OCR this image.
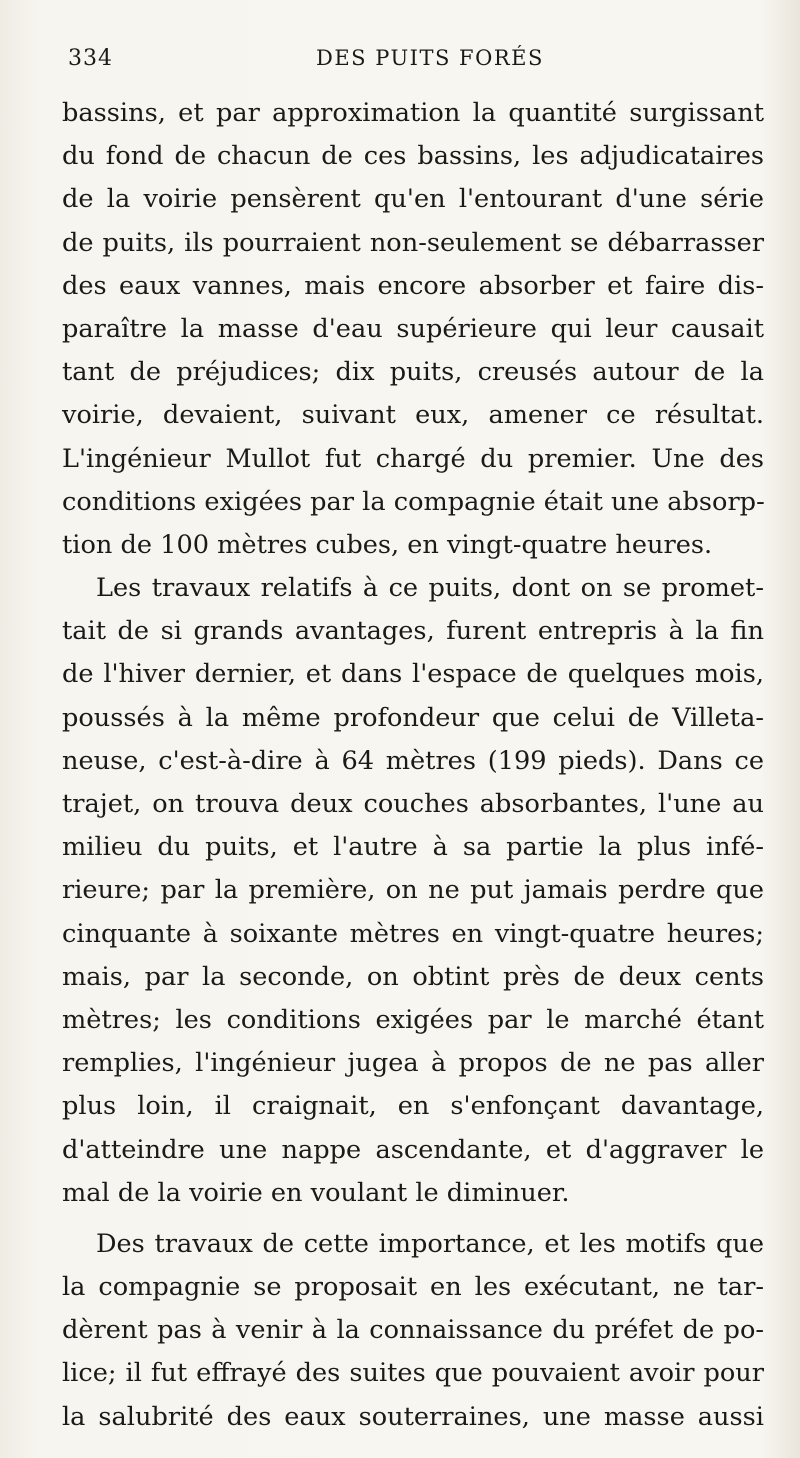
334	DES PUITS FORÉS
bassins, et par approximation la quantité surgissant
du fond de chacun de ces bassins, les adjudicataires
de la voirie pensèrent qu'en l'entourant d'une série
de puits, ils pourraient non-seulement se débarrasser
des eaux vannes, mais encore absorber et faire dis-
paraître la masse d'eau supérieure qui leur causait
tant de préjudices; dix puits, creusés autour de la
voirie, devaient, suivant eux, amener ce résultat.
L'ingénieur Mullot fut chargé du premier. Une des
conditions exigées par la compagnie était une absorp-
tion de 100 mètres cubes, en vingt-quatre heures.
Les travaux relatifs à ce puits, dont on se promet-
tait de si grands avantages, furent entrepris à la fin
de l'hiver dernier, et dans l'espace de quelques mois,
poussés à la même profondeur que celui de Villeta-
neuse, c'est-à-dire à 64 mètres (199 pieds). Dans ce
trajet, on trouva deux couches absorbantes, l'une au
milieu du puits, et l'autre à sa partie la plus infé-
rieure; par la première, on ne put jamais perdre que
cinquante à soixante mètres en vingt-quatre heures;
mais, par la seconde, on obtint près de deux cents
mètres; les conditions exigées par le marché étant
remplies, l'ingénieur jugea à propos de ne pas aller
plus loin, il craignait, en s'enfonçant davantage,
d'atteindre une nappe ascendante, et d'aggraver le
mal de la voirie en voulant le diminuer.
Des travaux de cette importance, et les motifs que
la compagnie se proposait en les exécutant, ne tar-
dèrent pas à venir à la connaissance du préfet de po-
lice; il fut effrayé des suites que pouvaient avoir pour
la salubrité des eaux souterraines, une masse aussi
